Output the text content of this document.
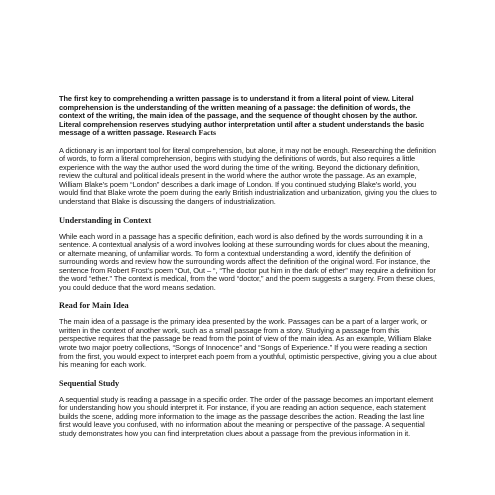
The first key to comprehending a written passage is to understand it from a literal point of view. Literal comprehension is the understanding of the written meaning of a passage: the definition of words, the context of the writing, the main idea of the passage, and the sequence of thought chosen by the author. Literal comprehension reserves studying author interpretation until after a student understands the basic message of a written passage. Research Facts

A dictionary is an important tool for literal comprehension, but alone, it may not be enough. Researching the definition of words, to form a literal comprehension, begins with studying the definitions of words, but also requires a little experience with the way the author used the word during the time of the writing. Beyond the dictionary definition, review the cultural and political ideals present in the world where the author wrote the passage. As an example, William Blake’s poem “London” describes a dark image of London. If you continued studying Blake’s world, you would find that Blake wrote the poem during the early British industrialization and urbanization, giving you the clues to understand that Blake is discussing the dangers of industrialization.

Understanding in Context

While each word in a passage has a specific definition, each word is also defined by the words surrounding it in a sentence. A contextual analysis of a word involves looking at these surrounding words for clues about the meaning, or alternate meaning, of unfamiliar words. To form a contextual understanding a word, identify the definition of surrounding words and review how the surrounding words affect the definition of the original word. For instance, the sentence from Robert Frost’s poem “Out, Out – “, “The doctor put him in the dark of ether” may require a definition for the word “ether.” The context is medical, from the word “doctor,” and the poem suggests a surgery. From these clues, you could deduce that the word means sedation.

Read for Main Idea

The main idea of a passage is the primary idea presented by the work. Passages can be a part of a larger work, or written in the context of another work, such as a small passage from a story. Studying a passage from this perspective requires that the passage be read from the point of view of the main idea. As an example, William Blake wrote two major poetry collections, “Songs of Innocence” and “Songs of Experience.” If you were reading a section from the first, you would expect to interpret each poem from a youthful, optimistic perspective, giving you a clue about his meaning for each work.

Sequential Study

A sequential study is reading a passage in a specific order. The order of the passage becomes an important element for understanding how you should interpret it. For instance, if you are reading an action sequence, each statement builds the scene, adding more information to the image as the passage describes the action. Reading the last line first would leave you confused, with no information about the meaning or perspective of the passage. A sequential study demonstrates how you can find interpretation clues about a passage from the previous information in it.
